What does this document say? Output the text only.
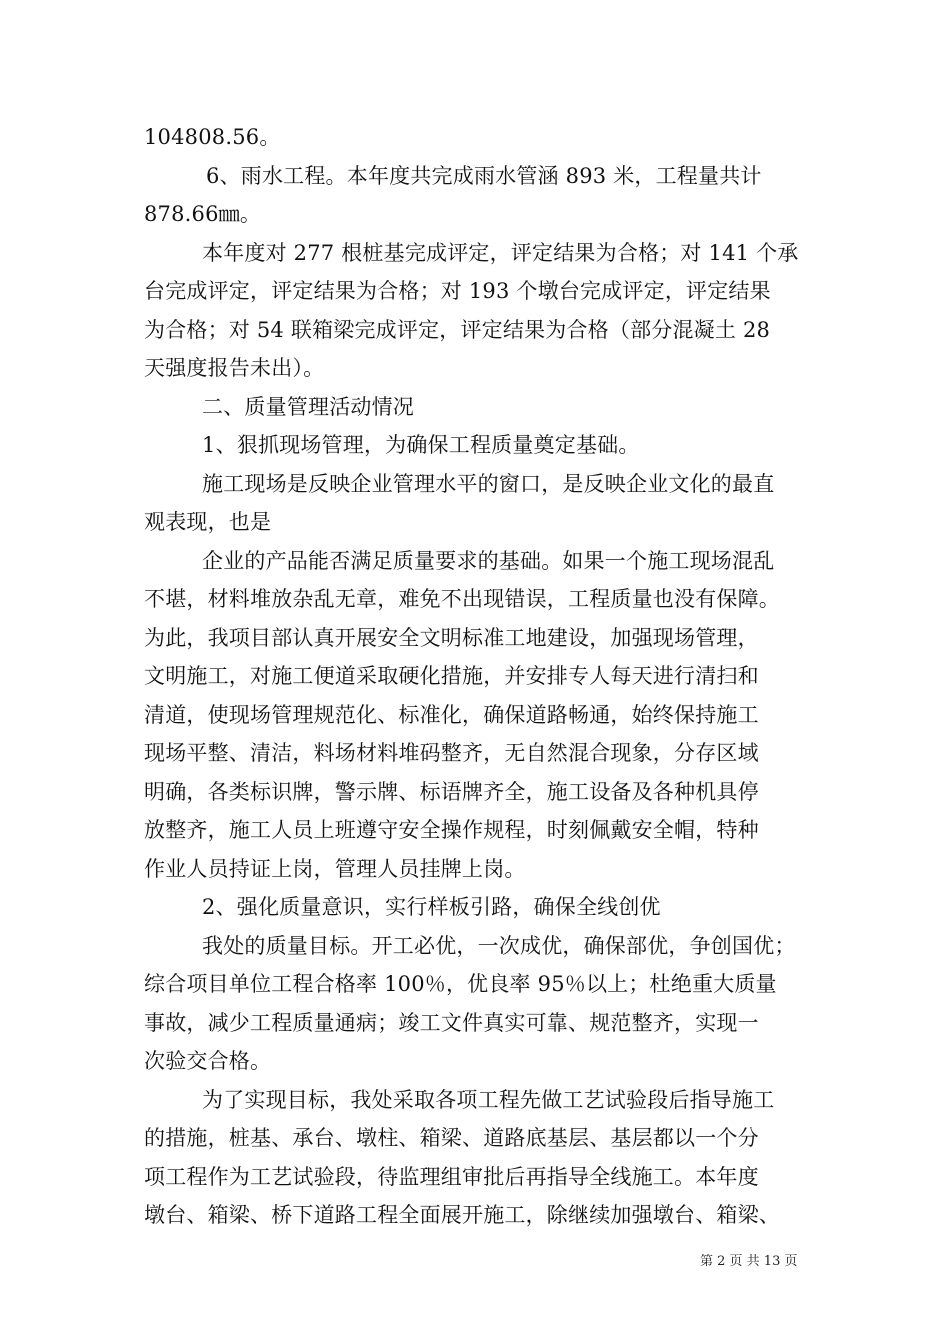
104808.56。
6、雨水工程。本年度共完成雨水管涵 893 米，工程量共计
878.66㎜。
本年度对 277 根桩基完成评定，评定结果为合格；对 141 个承
台完成评定，评定结果为合格；对 193 个墩台完成评定，评定结果
为合格；对 54 联箱梁完成评定，评定结果为合格（部分混凝土 28
天强度报告未出）。
二、质量管理活动情况
1、狠抓现场管理，为确保工程质量奠定基础。
施工现场是反映企业管理水平的窗口，是反映企业文化的最直
观表现，也是
企业的产品能否满足质量要求的基础。如果一个施工现场混乱
不堪，材料堆放杂乱无章，难免不出现错误，工程质量也没有保障。
为此，我项目部认真开展安全文明标准工地建设，加强现场管理，
文明施工，对施工便道采取硬化措施，并安排专人每天进行清扫和
清道，使现场管理规范化、标准化，确保道路畅通，始终保持施工
现场平整、清洁，料场材料堆码整齐，无自然混合现象，分存区域
明确，各类标识牌，警示牌、标语牌齐全，施工设备及各种机具停
放整齐，施工人员上班遵守安全操作规程，时刻佩戴安全帽，特种
作业人员持证上岗，管理人员挂牌上岗。
2、强化质量意识，实行样板引路，确保全线创优
我处的质量目标。开工必优，一次成优，确保部优，争创国优；
综合项目单位工程合格率 100％，优良率 95％以上；杜绝重大质量
事故，减少工程质量通病；竣工文件真实可靠、规范整齐，实现一
次验交合格。
为了实现目标，我处采取各项工程先做工艺试验段后指导施工
的措施，桩基、承台、墩柱、箱梁、道路底基层、基层都以一个分
项工程作为工艺试验段，待监理组审批后再指导全线施工。本年度
墩台、箱梁、桥下道路工程全面展开施工，除继续加强墩台、箱梁、
第 2 页 共 13 页
